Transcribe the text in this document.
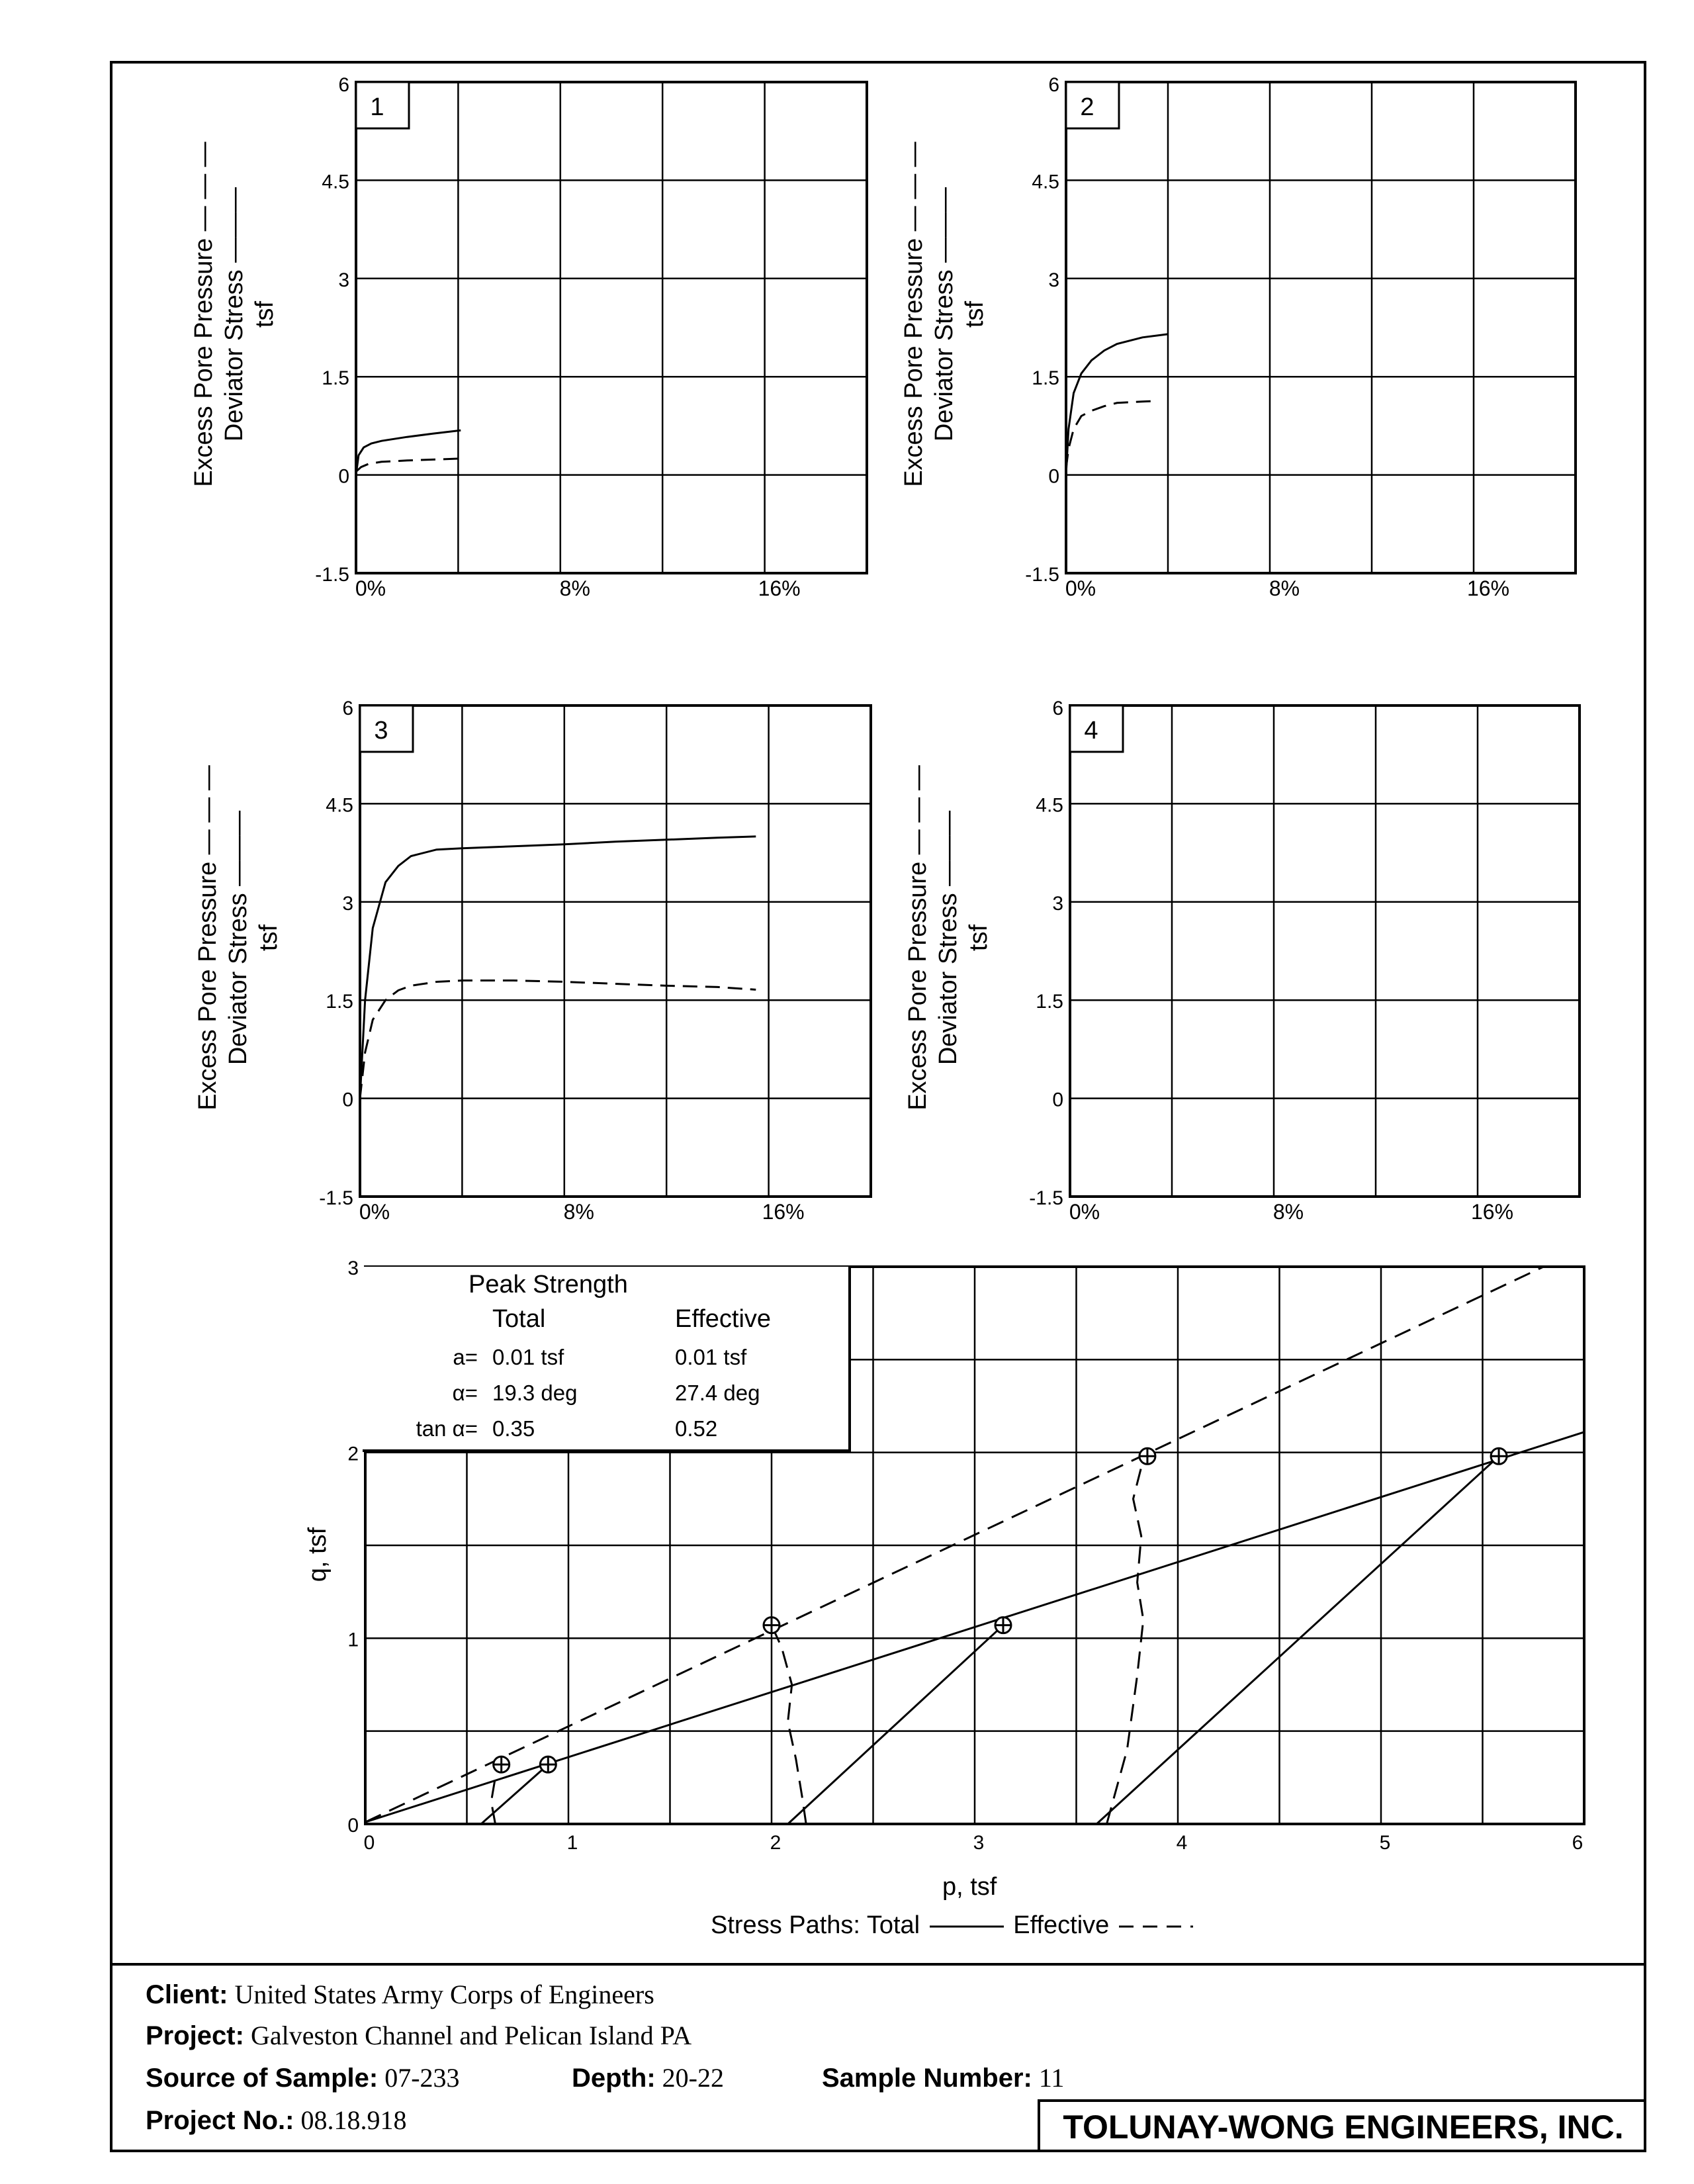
6
4.5
3
1.5
0
-1.5
0%	8%	16%
1
6
4.5
3
1.5
0
-1.5
0%	8%	16%
2
6
4.5
3
1.5
0
-1.5
0%	8%	16%
3
6
4.5
3
1.5
0
-1.5
0%	8%	16%
4
Excess Pore Pressure — — — Deviator Stress ——— tsf	Excess Pore Pressure — — — Deviator Stress ——— tsf
Excess Pore Pressure — — — Deviator Stress ——— tsf	Excess Pore Pressure — — — Deviator Stress ——— tsf
0	1	2	3	4	5	6
3
2
1
0
q, tsf
Peak Strength
Total	Effective
a= 0.01 tsf	0.01 tsf
α= 19.3 deg	27.4 deg
tan α= 0.35	0.52
p, tsf
Stress Paths: Total	Effective
Client: United States Army Corps of Engineers
Project: Galveston Channel and Pelican Island PA
Source of Sample: 07-233	Depth: 20-22	Sample Number: 11
Project No.: 08.18.918	TOLUNAY-WONG ENGINEERS, INC.
